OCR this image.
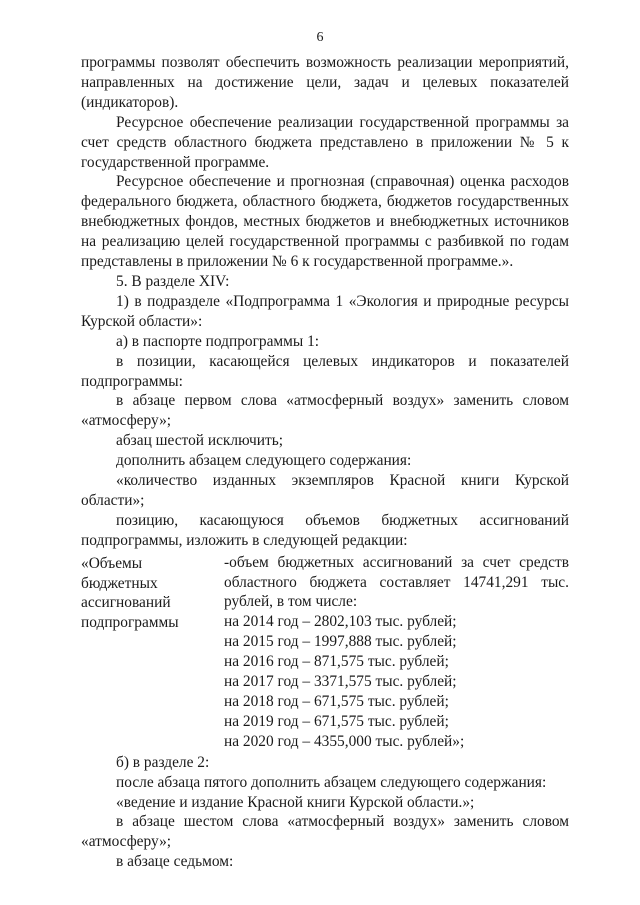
6

программы позволят обеспечить возможность реализации мероприятий,

направленных на достижение цели, задач и целевых показателей

(индикаторов).

Ресурсное обеспечение реализации государственной программы за

счет средств областного бюджета представлено в приложении № 5 к

государственной программе.

Ресурсное обеспечение и прогнозная (справочная) оценка расходов

федерального бюджета, областного бюджета, бюджетов государственных

внебюджетных фондов, местных бюджетов и внебюджетных источников

на реализацию целей государственной программы с разбивкой по годам

представлены в приложении № 6 к государственной программе.».

5. В разделе XIV:

1) в подразделе «Подпрограмма 1 «Экология и природные ресурсы

Курской области»:

а) в паспорте подпрограммы 1:

в позиции, касающейся целевых индикаторов и показателей

подпрограммы:

в абзаце первом слова «атмосферный воздух» заменить словом

«атмосферу»;

абзац шестой исключить;

дополнить абзацем следующего содержания:

«количество изданных экземпляров Красной книги Курской

области»;

позицию, касающуюся объемов бюджетных ассигнований

подпрограммы, изложить в следующей редакции:

«Объемы

бюджетных

ассигнований

подпрограммы

-объем бюджетных ассигнований за счет средств

областного бюджета составляет 14741,291 тыс.

рублей, в том числе:

на 2014 год – 2802,103 тыс. рублей;

на 2015 год – 1997,888 тыс. рублей;

на 2016 год – 871,575 тыс. рублей;

на 2017 год – 3371,575 тыс. рублей;

на 2018 год – 671,575 тыс. рублей;

на 2019 год – 671,575 тыс. рублей;

на 2020 год – 4355,000 тыс. рублей»;

б) в разделе 2:

после абзаца пятого дополнить абзацем следующего содержания:

«ведение и издание Красной книги Курской области.»;

в абзаце шестом слова «атмосферный воздух» заменить словом

«атмосферу»;

в абзаце седьмом:
